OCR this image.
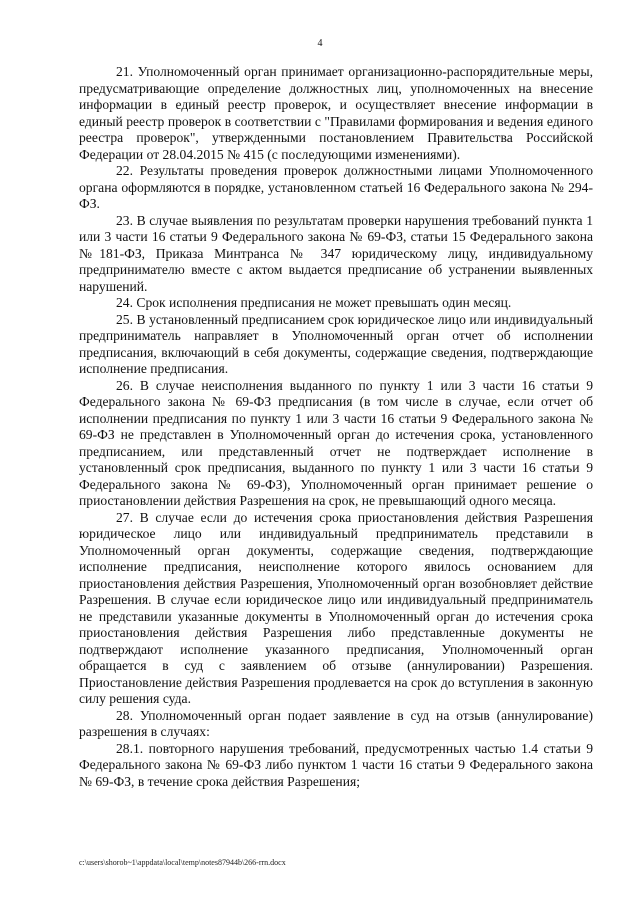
4

21. Уполномоченный орган принимает организационно-распорядительные меры, предусматривающие определение должностных лиц, уполномоченных на внесение информации в единый реестр проверок, и осуществляет внесение информации в единый реестр проверок в соответствии с "Правилами формирования и ведения единого реестра проверок", утвержденными постановлением Правительства Российской Федерации от 28.04.2015 № 415 (с последующими изменениями).

22. Результаты проведения проверок должностными лицами Уполномоченного органа оформляются в порядке, установленном статьей 16 Федерального закона № 294-ФЗ.

23. В случае выявления по результатам проверки нарушения требований пункта 1 или 3 части 16 статьи 9 Федерального закона № 69-ФЗ, статьи 15 Федерального закона №181-ФЗ, Приказа Минтранса № 347 юридическому лицу, индивидуальному предпринимателю вместе с актом выдается предписание об устранении выявленных нарушений.

24. Срок исполнения предписания не может превышать один месяц.

25. В установленный предписанием срок юридическое лицо или индивидуальный предприниматель направляет в Уполномоченный орган отчет об исполнении предписания, включающий в себя документы, содержащие сведения, подтверждающие исполнение предписания.

26. В случае неисполнения выданного по пункту 1 или 3 части 16 статьи 9 Федерального закона № 69-ФЗ предписания (в том числе в случае, если отчет об исполнении предписания по пункту 1 или 3 части 16 статьи 9 Федерального закона № 69-ФЗ не представлен в Уполномоченный орган до истечения срока, установленного предписанием, или представленный отчет не подтверждает исполнение в установленный срок предписания, выданного по пункту 1 или 3 части 16 статьи 9 Федерального закона № 69-ФЗ), Уполномоченный орган принимает решение о приостановлении действия Разрешения на срок, не превышающий одного месяца.

27. В случае если до истечения срока приостановления действия Разрешения юридическое лицо или индивидуальный предприниматель представили в Уполномоченный орган документы, содержащие сведения, подтверждающие исполнение предписания, неисполнение которого явилось основанием для приостановления действия Разрешения, Уполномоченный орган возобновляет действие Разрешения. В случае если юридическое лицо или индивидуальный предприниматель не представили указанные документы в Уполномоченный орган до истечения срока приостановления действия Разрешения либо представленные документы не подтверждают исполнение указанного предписания, Уполномоченный орган обращается в суд с заявлением об отзыве (аннулировании) Разрешения. Приостановление действия Разрешения продлевается на срок до вступления в законную силу решения суда.

28. Уполномоченный орган подает заявление в суд на отзыв (аннулирование) разрешения в случаях:

28.1. повторного нарушения требований, предусмотренных частью 1.4 статьи 9 Федерального закона № 69-ФЗ либо пунктом 1 части 16 статьи 9 Федерального закона № 69-ФЗ, в течение срока действия Разрешения;

c:\users\shorob~1\appdata\local\temp\notes87944b\266-rrn.docx
